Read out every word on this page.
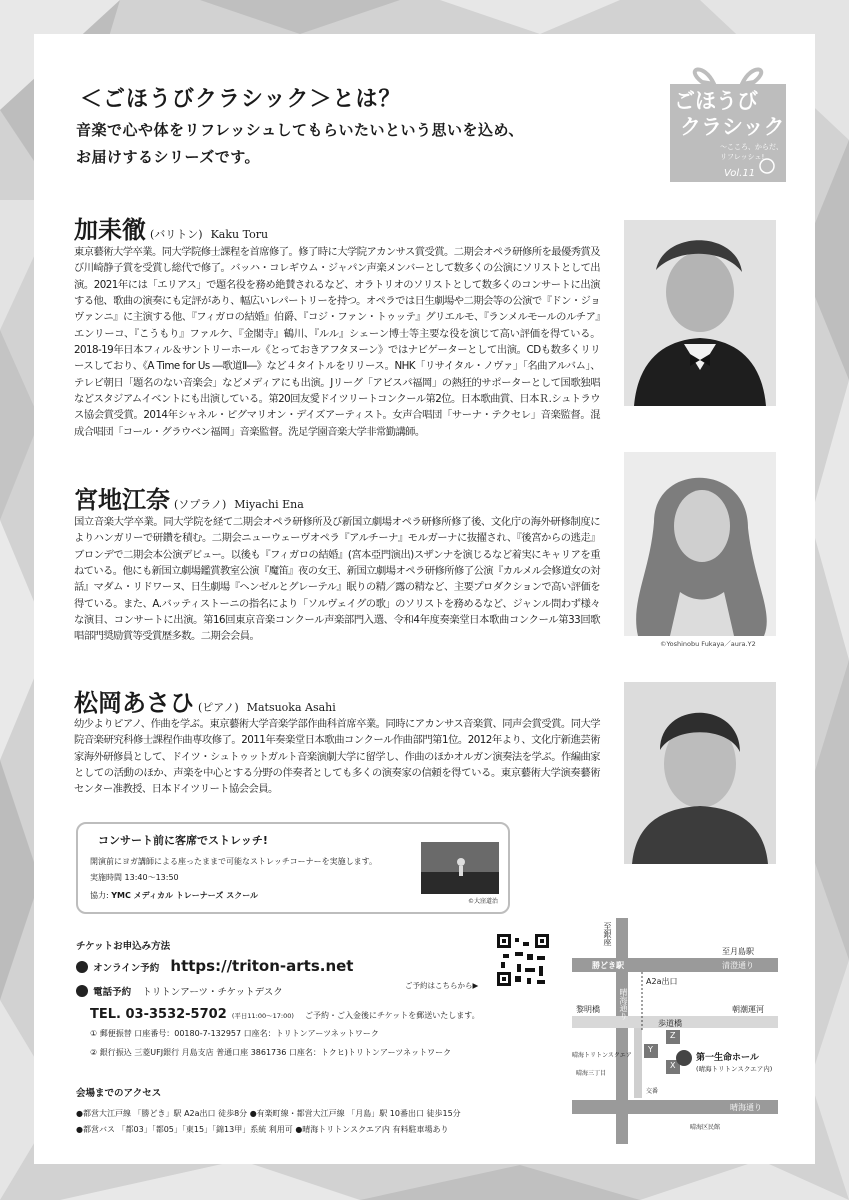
ごほうび
クラシック
〜こころ、からだ、
リフレッシュ!
Vol.11
＜ごほうびクラシック＞とは？
音楽で心や体をリフレッシュしてもらいたいという思いを込め、
お届けするシリーズです。
加耒徹 (バリトン) Kaku Toru
東京藝術大学卒業。同大学院修士課程を首席修了。修了時に大学院アカンサス賞受賞。二期会オペラ研修所を最優秀賞及び川崎静子賞を受賞し総代で修了。バッハ・コレギウム・ジャパン声楽メンバーとして数多くの公演にソリストとして出演。2021年には「エリアス」で題名役を務め絶賛されるなど、オラトリオのソリストとして数多くのコンサートに出演する他、歌曲の演奏にも定評があり、幅広いレパートリーを持つ。オペラでは日生劇場や二期会等の公演で『ドン・ジョヴァンニ』に主演する他、『フィガロの結婚』伯爵、『コジ・ファン・トゥッテ』グリエルモ、『ランメルモールのルチア』エンリーコ、『こうもり』ファルケ、『金閣寺』鶴川、『ルル』シェーン博士等主要な役を演じて高い評価を得ている。2018-19年日本フィル＆サントリーホール《とっておきアフタヌーン》ではナビゲーターとして出演。CDも数多くリリースしており、《A Time for Us ―歌道Ⅱ―》など４タイトルをリリース。NHK「リサイタル・ノヴァ」「名曲アルバム」、テレビ朝日「題名のない音楽会」などメディアにも出演。Jリーグ「アビスパ福岡」の熱狂的サポーターとして国歌独唱などスタジアムイベントにも出演している。第20回友愛ドイツリートコンクール第2位。日本歌曲賞、日本Ｒ.シュトラウス協会賞受賞。2014年シャネル・ピグマリオン・デイズアーティスト。女声合唱団「サーナ・テクセレ」音楽監督。混成合唱団「コール・グラウベン福岡」音楽監督。洗足学園音楽大学非常勤講師。
宮地江奈 (ソプラノ) Miyachi Ena
国立音楽大学卒業。同大学院を経て二期会オペラ研修所及び新国立劇場オペラ研修所修了後、文化庁の海外研修制度によりハンガリーで研鑽を積む。二期会ニューウェーヴオペラ『アルチーナ』モルガーナに抜擢され、『後宮からの逃走』ブロンデで二期会本公演デビュー。以後も『フィガロの結婚』(宮本亞門演出)スザンナを演じるなど着実にキャリアを重ねている。他にも新国立劇場鑑賞教室公演『魔笛』夜の女王、新国立劇場オペラ研修所修了公演『カルメル会修道女の対話』マダム・リドワーヌ、日生劇場『ヘンゼルとグレーテル』眠りの精／露の精など、主要プロダクションで高い評価を得ている。また、A.バッティストーニの指名により「ソルヴェイグの歌」のソリストを務めるなど、ジャンル問わず様々な演目、コンサートに出演。第16回東京音楽コンクール声楽部門入選、令和4年度奏楽堂日本歌曲コンクール第33回歌唱部門奨励賞等受賞歴多数。二期会会員。
©Yoshinobu Fukaya／aura.Y2
松岡あさひ (ピアノ) Matsuoka Asahi
幼少よりピアノ、作曲を学ぶ。東京藝術大学音楽学部作曲科首席卒業。同時にアカンサス音楽賞、同声会賞受賞。同大学院音楽研究科修士課程作曲専攻修了。2011年奏楽堂日本歌曲コンクール作曲部門第1位。2012年より、文化庁新進芸術家海外研修員として、ドイツ・シュトゥットガルト音楽演劇大学に留学し、作曲のほかオルガン演奏法を学ぶ。作編曲家としての活動のほか、声楽を中心とする分野の伴奏者としても多くの演奏家の信頼を得ている。東京藝術大学演奏藝術センター准教授、日本ドイツリート協会会員。
コンサート前に客席でストレッチ!
開演前にヨガ講師による座ったままで可能なストレッチコーナーを実施します。
実施時間 13:40～13:50
協力: YMC メディカル トレーナーズ スクール
©大窪道治
チケットお申込み方法
オンライン予約 https://triton-arts.net
ご予約はこちらから▶
電話予約 トリトンアーツ・チケットデスク
TEL. 03-3532-5702 (平日11:00～17:00) ご予約・ご入金後にチケットを郵送いたします。
① 郵便振替 口座番号：00180-7-132957 口座名：トリトンアーツネットワーク
② 銀行振込 三菱UFJ銀行 月島支店 普通口座 3861736 口座名：トクヒ)トリトンアーツネットワーク
会場までのアクセス
●都営大江戸線 「勝どき」駅 A2a出口 徒歩8分 ●有楽町線・都営大江戸線 「月島」駅 10番出口 徒歩15分
●都営バス 「都03」「都05」「東15」「錦13甲」系統 利用可 ●晴海トリトンスクエア内 有料駐車場あり
至銀座
至月島駅
勝どき駅	清澄通り
A2a出口
晴海通り
黎明橋	朝潮運河
歩道橋
Z
Y
X
第一生命ホール
(晴海トリトンスクエア内)
晴海トリトンスクエア
晴海三丁目
交番
晴海通り
晴海区民館
